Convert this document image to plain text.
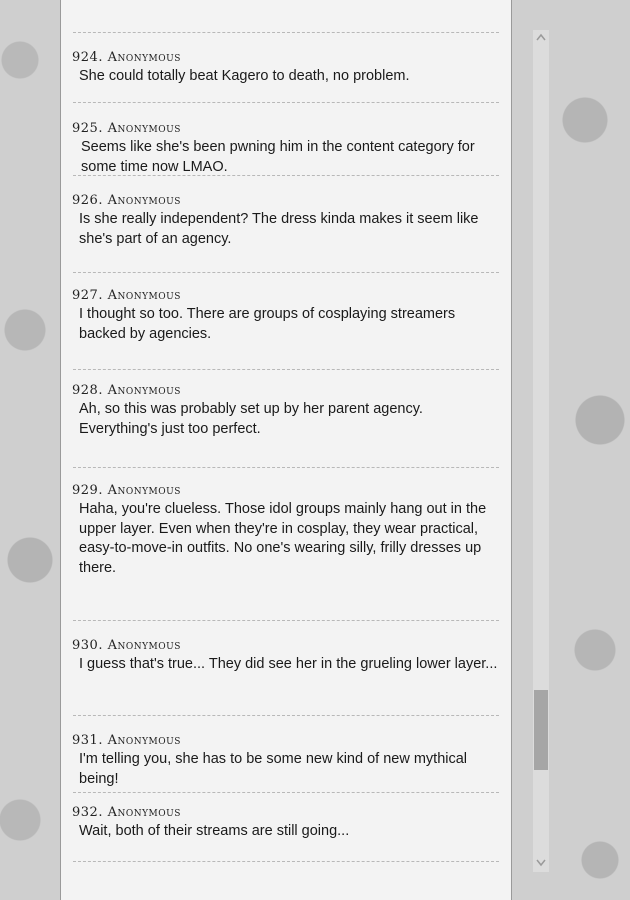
924. Anonymous
She could totally beat Kagero to death, no problem.
925. Anonymous
Seems like she's been pwning him in the content category for some time now LMAO.
926. Anonymous
Is she really independent? The dress kinda makes it seem like she's part of an agency.
927. Anonymous
I thought so too. There are groups of cosplaying streamers backed by agencies.
928. Anonymous
Ah, so this was probably set up by her parent agency. Everything's just too perfect.
929. Anonymous
Haha, you're clueless. Those idol groups mainly hang out in the upper layer. Even when they're in cosplay, they wear practical, easy-to-move-in outfits. No one's wearing silly, frilly dresses up there.
930. Anonymous
I guess that's true... They did see her in the grueling lower layer...
931. Anonymous
I'm telling you, she has to be some new kind of new mythical being!
932. Anonymous
Wait, both of their streams are still going...
